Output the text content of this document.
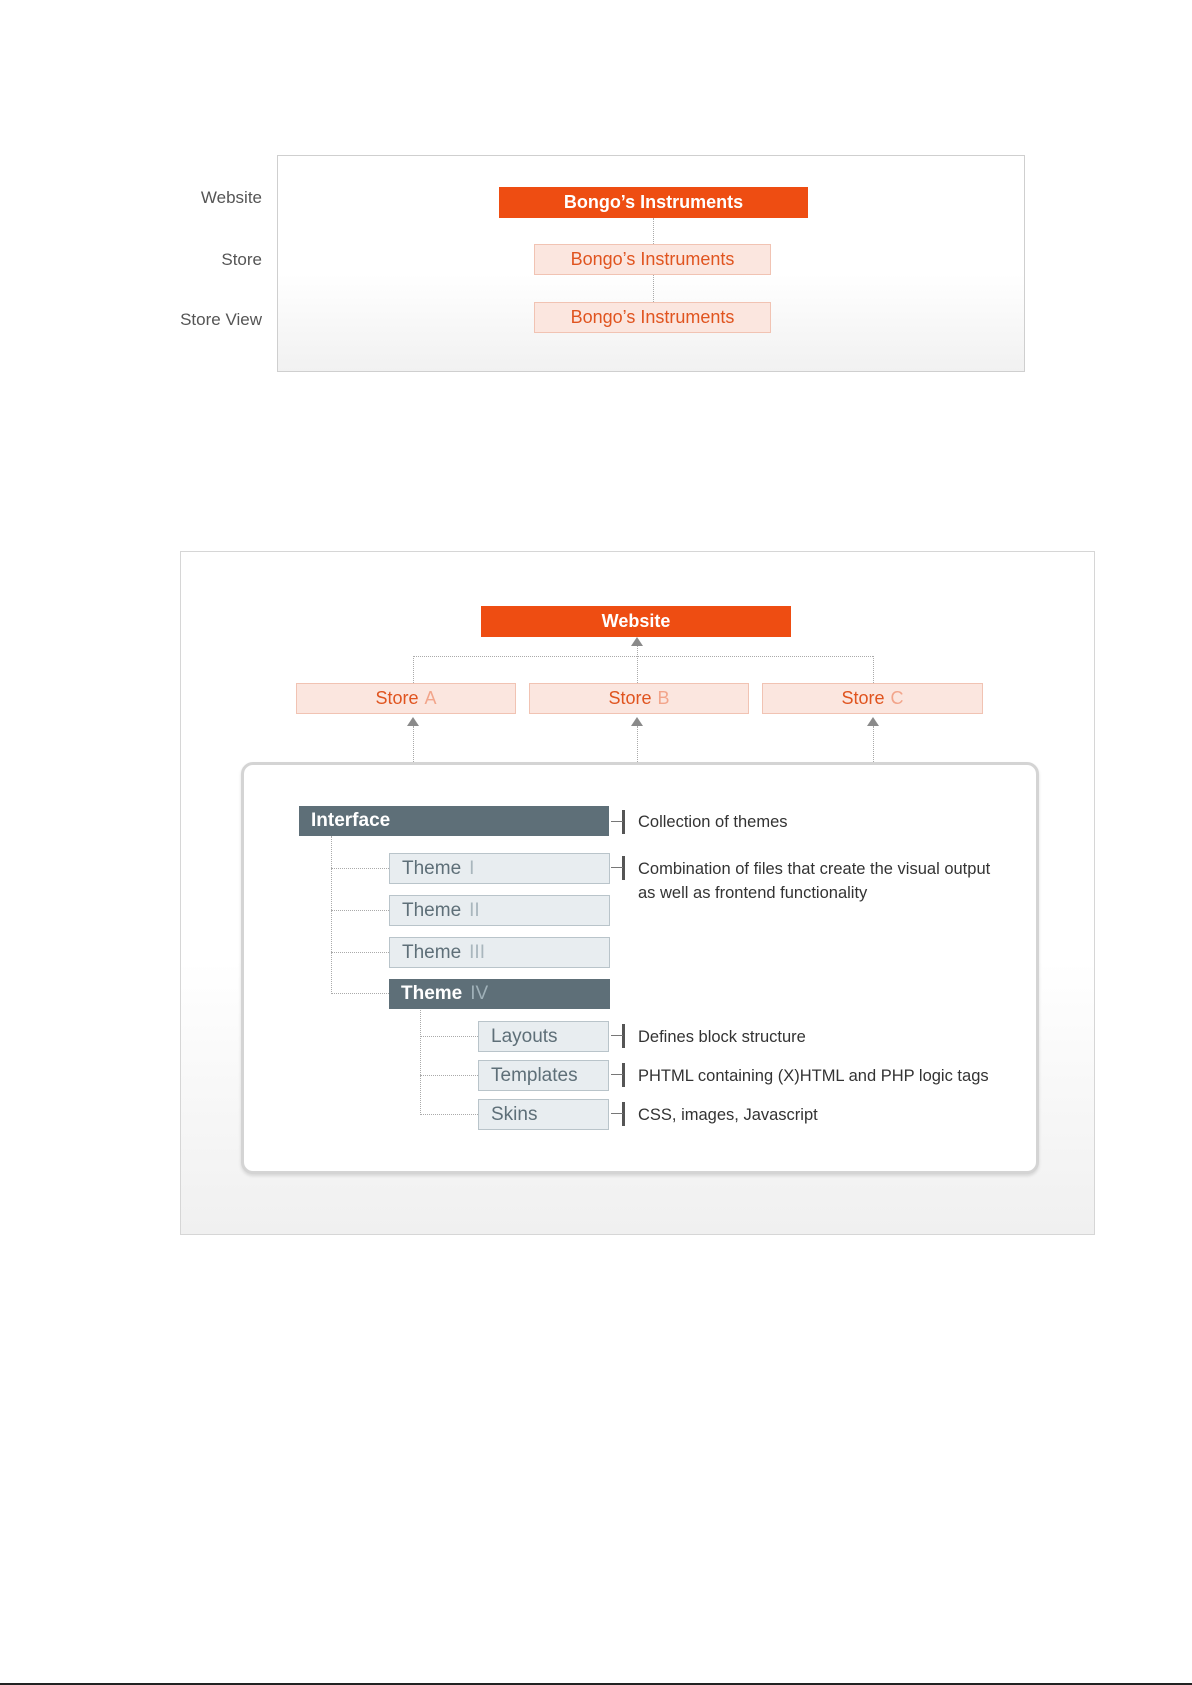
Website
Store
Store View
Bongo’s Instruments
Bongo’s Instruments
Bongo’s Instruments
Website
Store A	Store B	Store C
Interface	Collection of themes
Theme I	Combination of files that create the visual output
as well as frontend functionality
Theme II
Theme III
Theme IV
Layouts	Defines block structure
Templates	PHTML containing (X)HTML and PHP logic tags
Skins	CSS, images, Javascript
